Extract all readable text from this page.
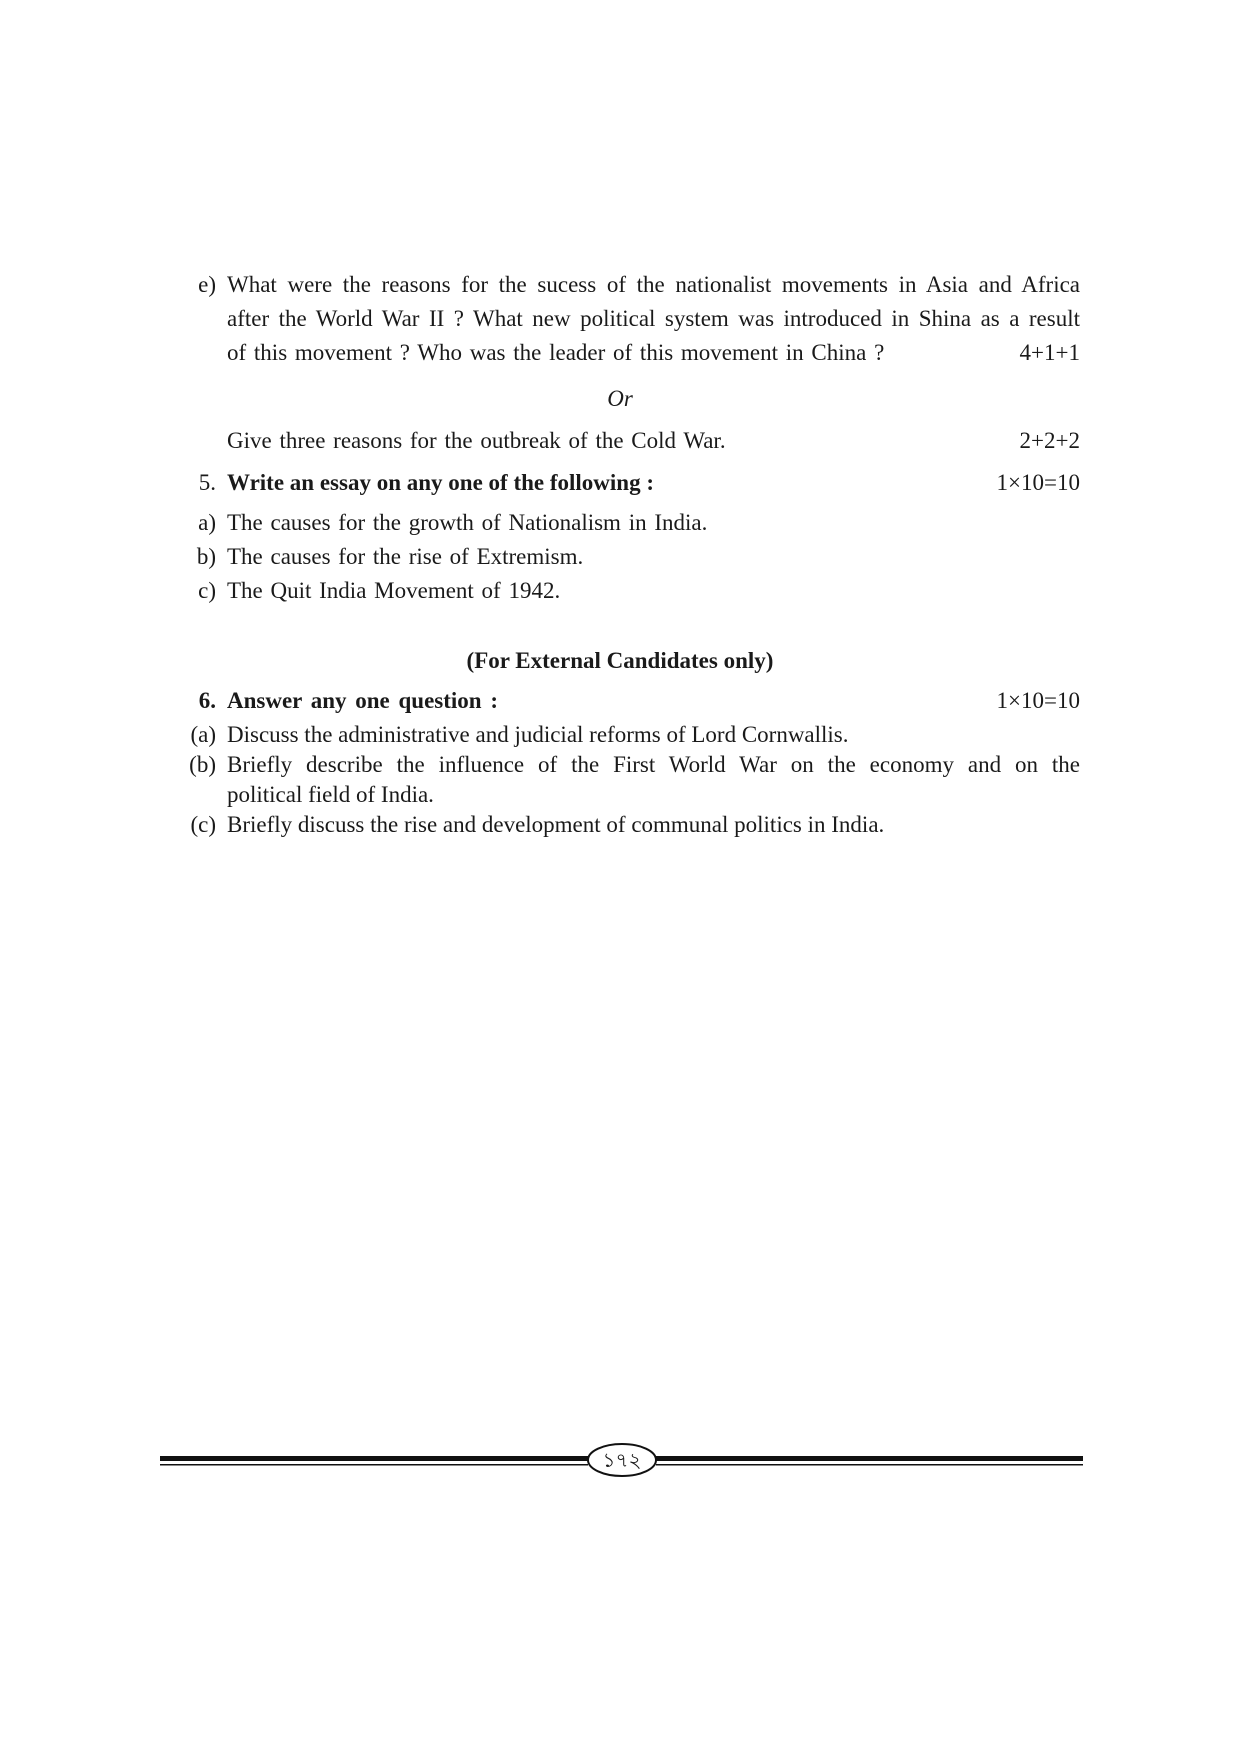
e) What were the reasons for the sucess of the nationalist movements in Asia and Africa
after the World War II ? What new political system was introduced in Shina as a result
of this movement ? Who was the leader of this movement in China ?	4+1+1
Or
Give three reasons for the outbreak of the Cold War.	2+2+2
5. Write an essay on any one of the following :	1×10=10
a) The causes for the growth of Nationalism in India.
b) The causes for the rise of Extremism.
c) The Quit India Movement of 1942.
(For External Candidates only)
6. Answer any one question :	1×10=10
(a) Discuss the administrative and judicial reforms of Lord Cornwallis.
(b) Briefly describe the influence of the First World War on the economy and on the
political field of India.
(c) Briefly discuss the rise and development of communal politics in India.
১৭২
